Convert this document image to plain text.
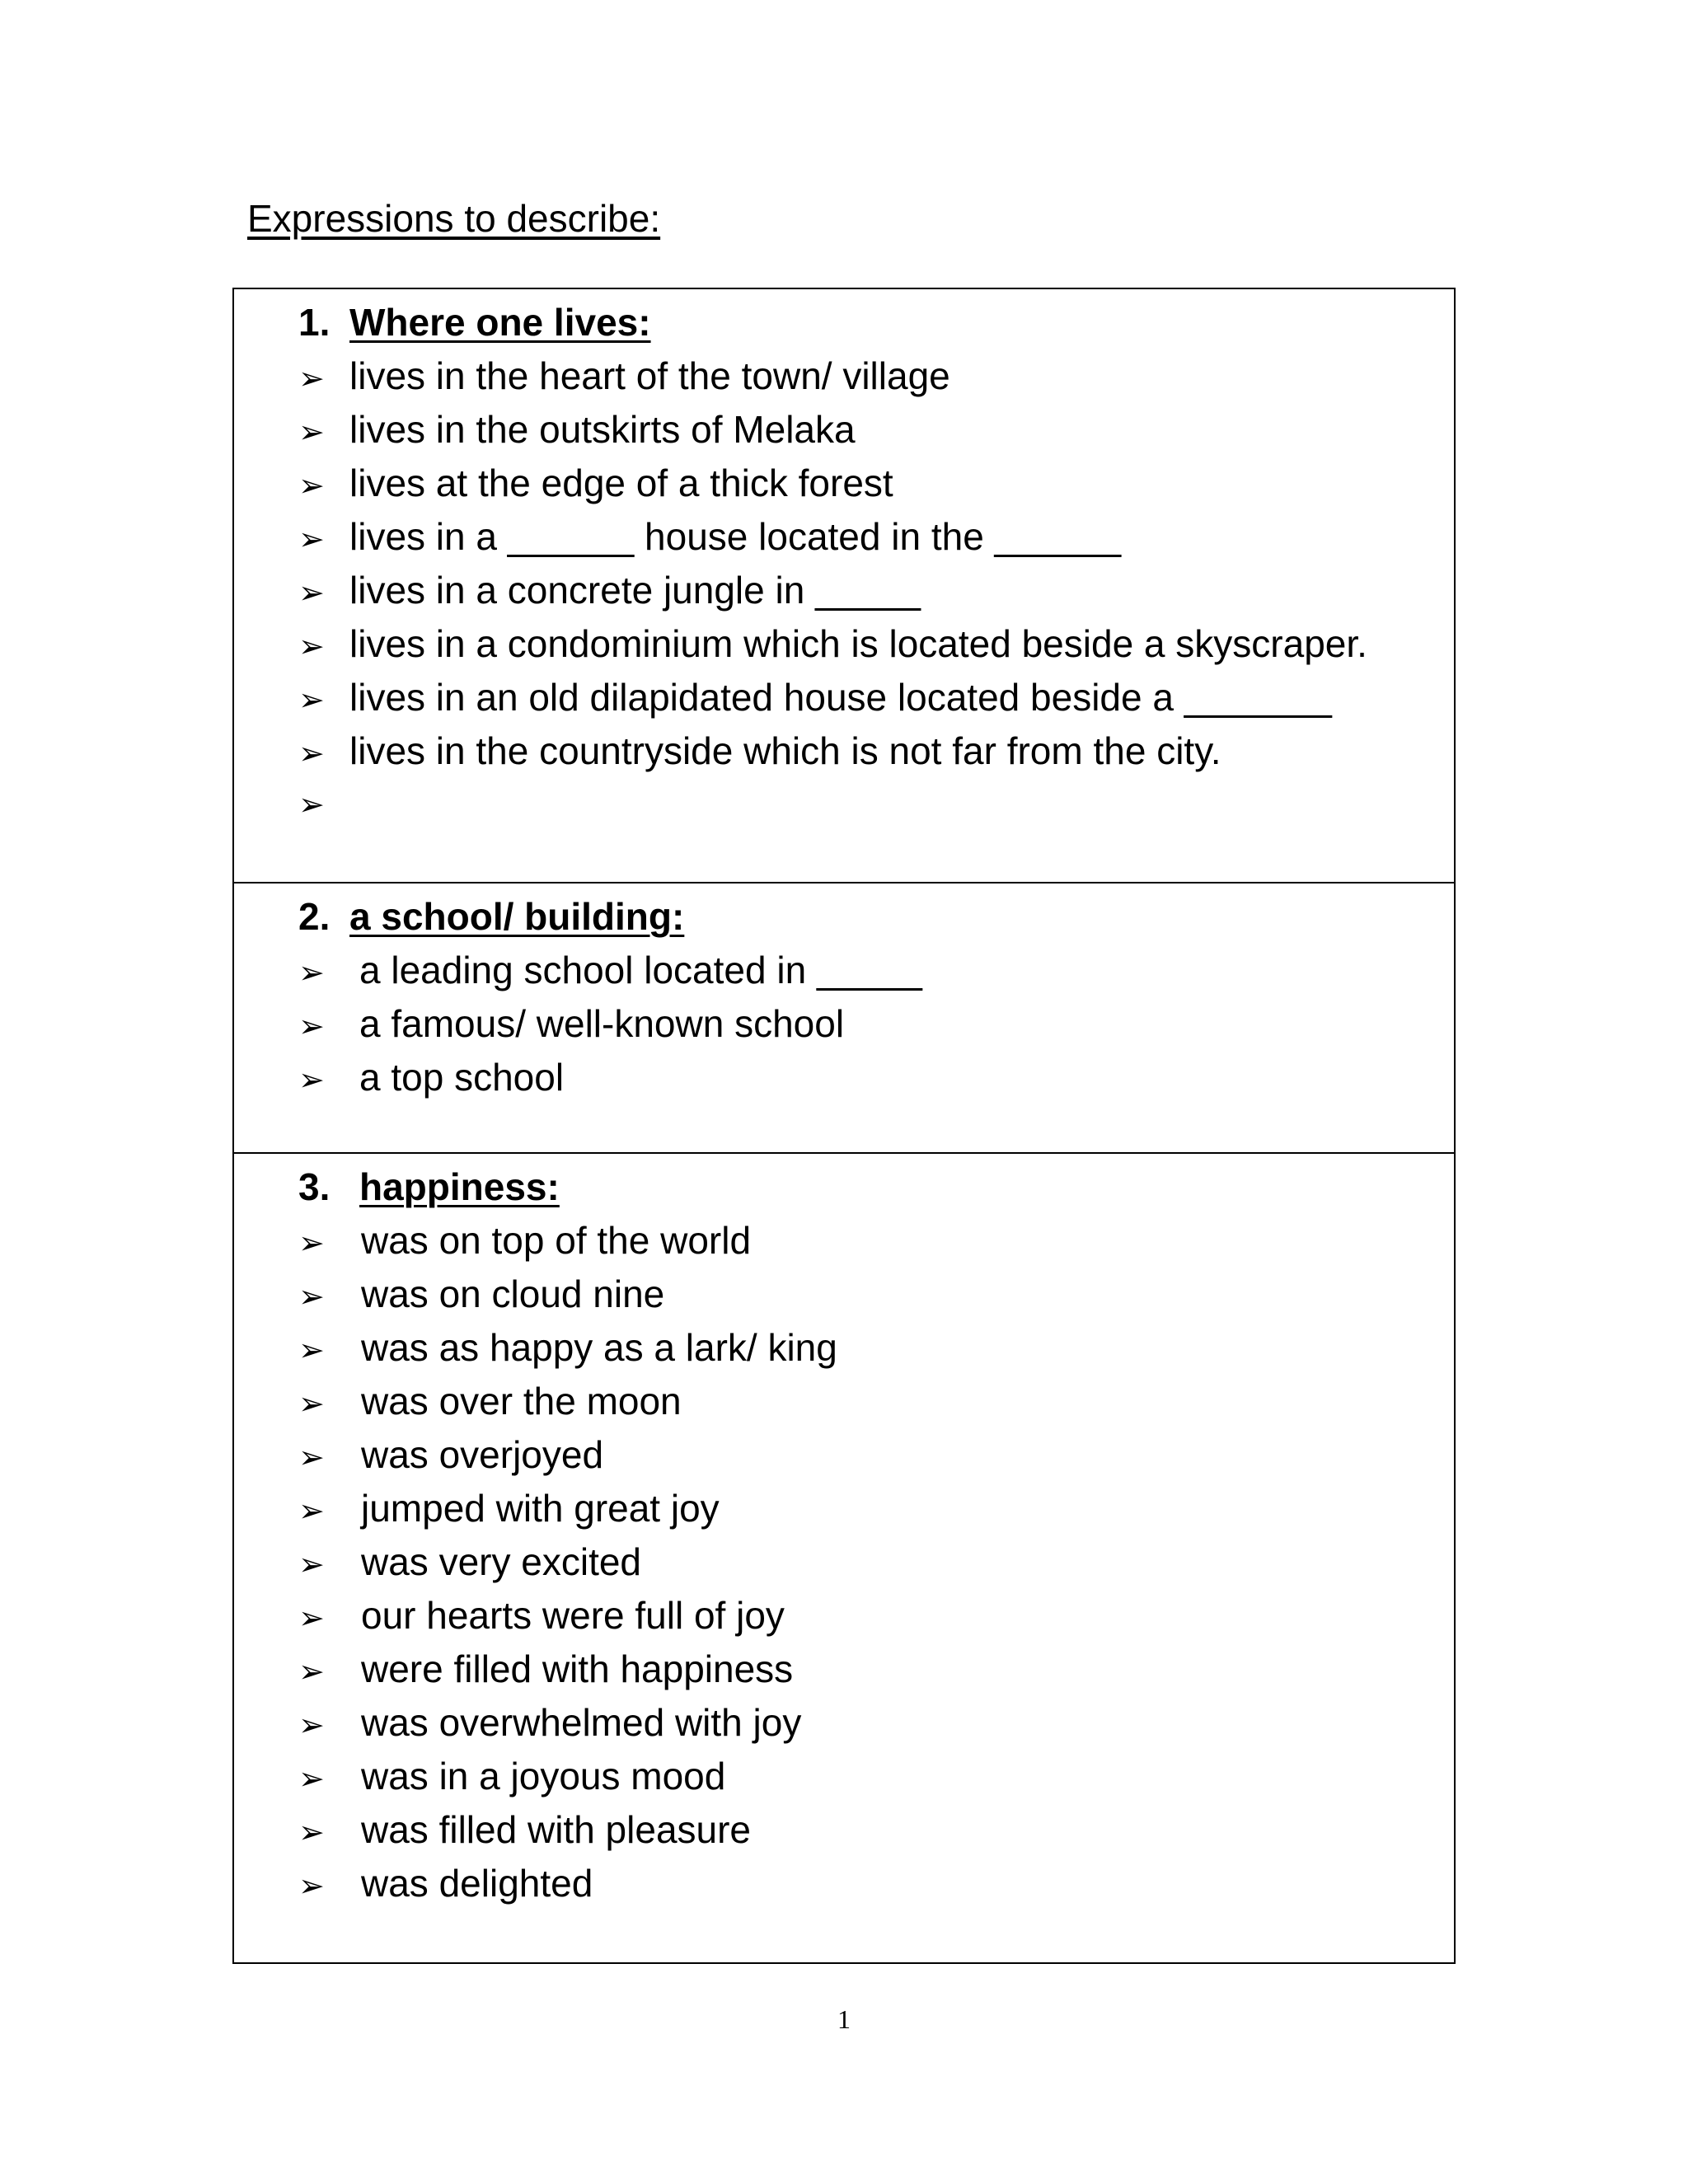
Expressions to describe:
1. Where one lives:
➢ lives in the heart of the town/ village
➢ lives in the outskirts of Melaka
➢ lives at the edge of a thick forest
➢ lives in a ______ house located in the ______
➢ lives in a concrete jungle in _____
➢ lives in a condominium which is located beside a skyscraper.
➢ lives in an old dilapidated house located beside a _______
➢ lives in the countryside which is not far from the city.
➢
2. a school/ building:
➢ a leading school located in _____
➢ a famous/ well-known school
➢ a top school
3. happiness:
➢ was on top of the world
➢ was on cloud nine
➢ was as happy as a lark/ king
➢ was over the moon
➢ was overjoyed
➢ jumped with great joy
➢ was very excited
➢ our hearts were full of joy
➢ were filled with happiness
➢ was overwhelmed with joy
➢ was in a joyous mood
➢ was filled with pleasure
➢ was delighted
1
